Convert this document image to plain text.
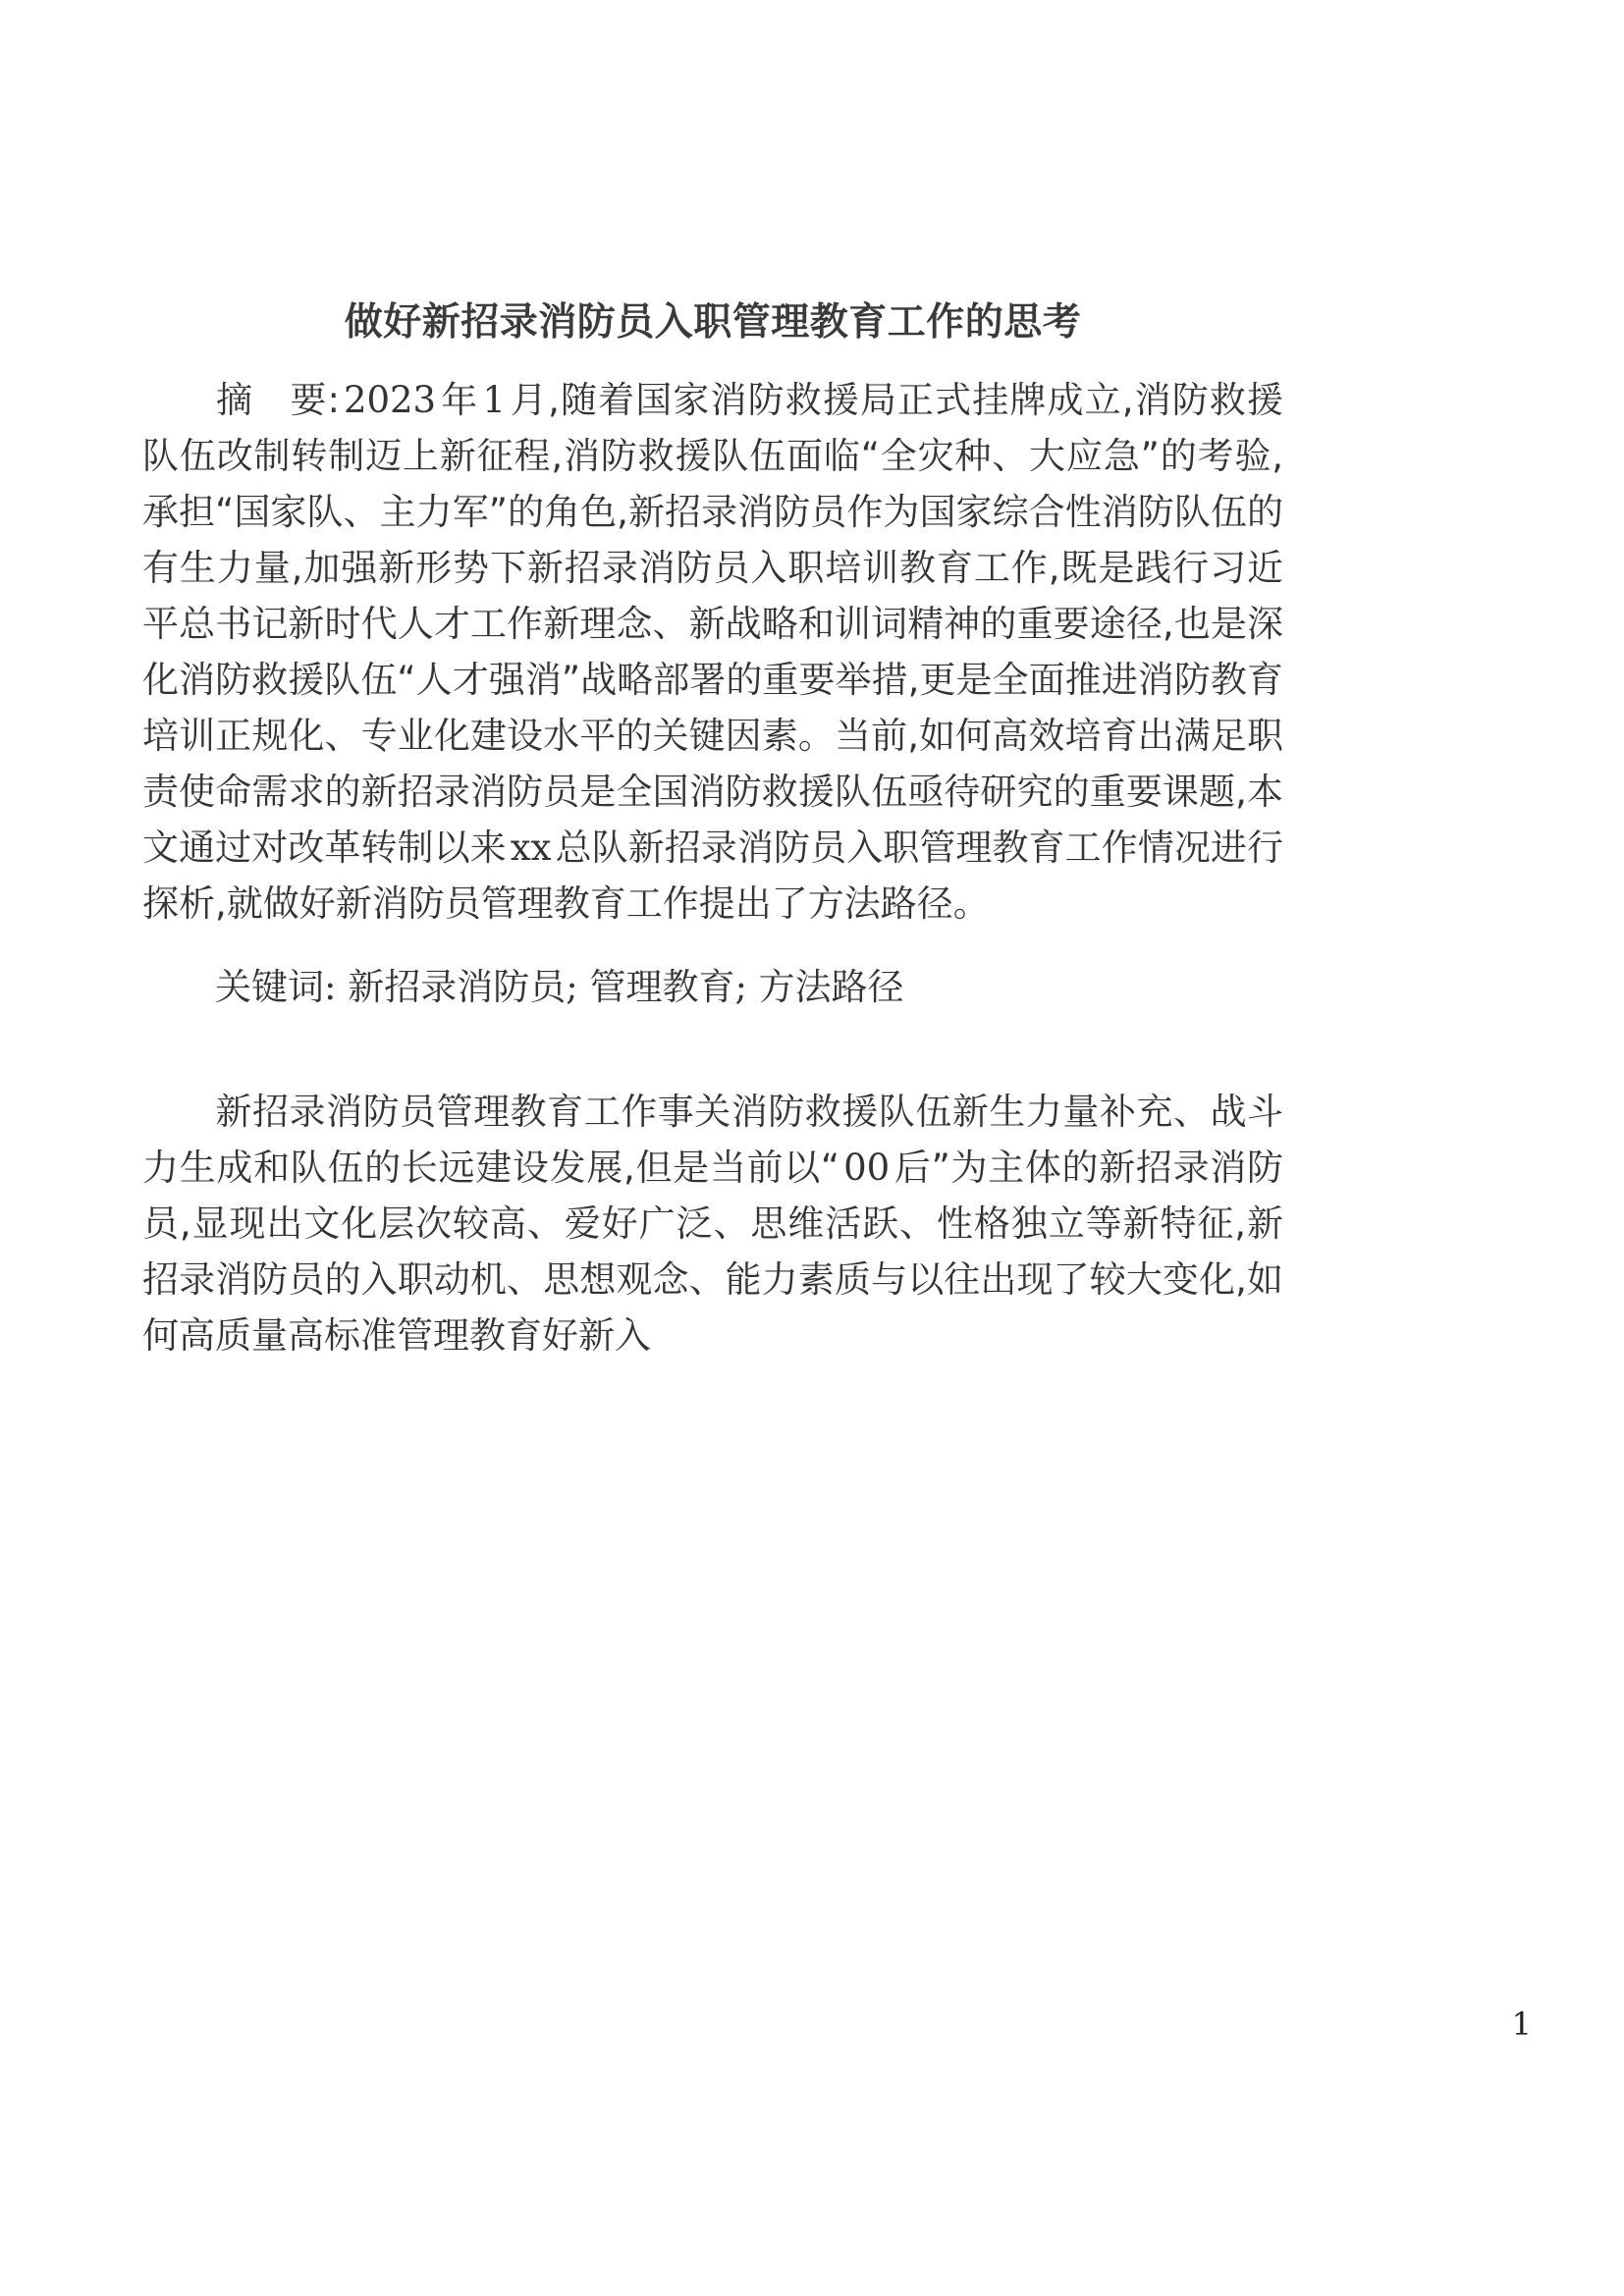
做好新招录消防员入职管理教育工作的思考

摘 要: 2023 年 1 月,随着国家消防救援局正式挂牌成立,消防救援队伍改制转制迈上新征程,消防救援队伍面临“全灾种、大应急”的考验,承担“国家队、主力军”的角色,新招录消防员作为国家综合性消防队伍的有生力量,加强新形势下新招录消防员入职培训教育工作,既是践行习近平总书记新时代人才工作新理念、新战略和训词精神的重要途径,也是深化消防救援队伍“人才强消”战略部署的重要举措,更是全面推进消防教育培训正规化、专业化建设水平的关键因素。当前,如何高效培育出满足职责使命需求的新招录消防员是全国消防救援队伍亟待研究的重要课题,本文通过对改革转制以来 xx 总队新招录消防员入职管理教育工作情况进行探析,就做好新消防员管理教育工作提出了方法路径。

关键词: 新招录消防员; 管理教育; 方法路径

新招录消防员管理教育工作事关消防救援队伍新生力量补充、战斗力生成和队伍的长远建设发展,但是当前以“ 00 后”为主体的新招录消防员,显现出文化层次较高、爱好广泛、思维活跃、性格独立等新特征,新招录消防员的入职动机、思想观念、能力素质与以往出现了较大变化,如何高质量高标准管理教育好新入

1
